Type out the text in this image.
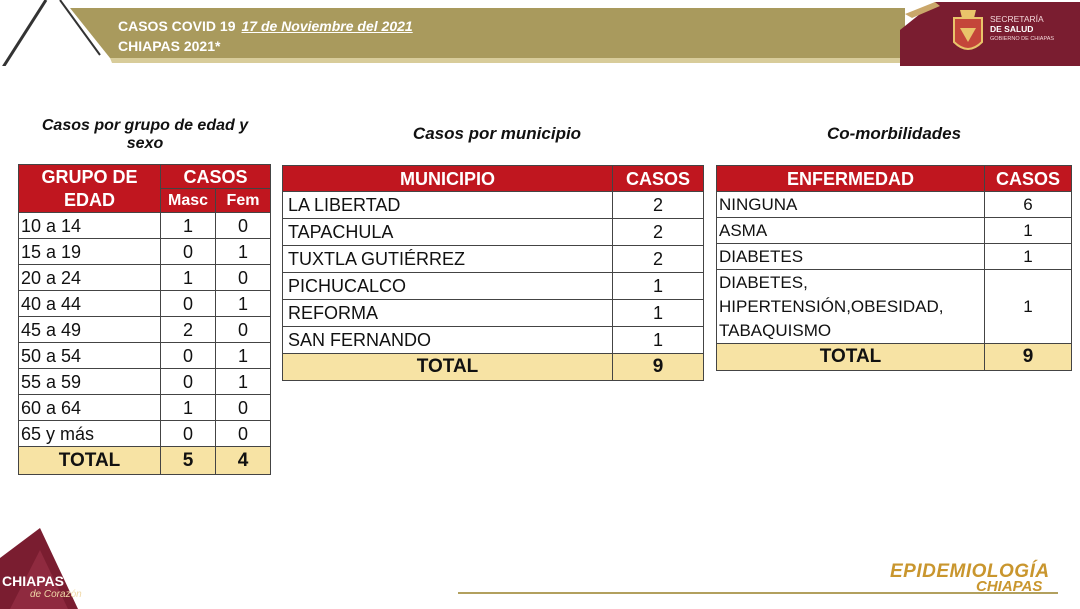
CASOS COVID 19 17 de Noviembre del 2021
CHIAPAS 2021*
SECRETARÍA
DE SALUD
GOBIERNO DE CHIAPAS
Casos por grupo de edad y
sexo
GRUPO DE EDAD	CASOS	
	Masc	Fem
10 a 14	1	0
15 a 19	0	1
20 a 24	1	0
40 a 44	0	1
45 a 49	2	0
50 a 54	0	1
55 a 59	0	1
60 a 64	1	0
65 y más	0	0
TOTAL	5	4
Casos por municipio
MUNICIPIO	CASOS
LA LIBERTAD	2
TAPACHULA	2
TUXTLA GUTIÉRREZ	2
PICHUCALCO	1
REFORMA	1
SAN FERNANDO	1
TOTAL	9
Co-morbilidades
ENFERMEDAD	CASOS
NINGUNA	6
ASMA	1
DIABETES	1
DIABETES, HIPERTENSIÓN,OBESIDAD, TABAQUISMO	1
TOTAL	9
CHIAPAS
de Corazón
EPIDEMIOLOGÍA
CHIAPAS
